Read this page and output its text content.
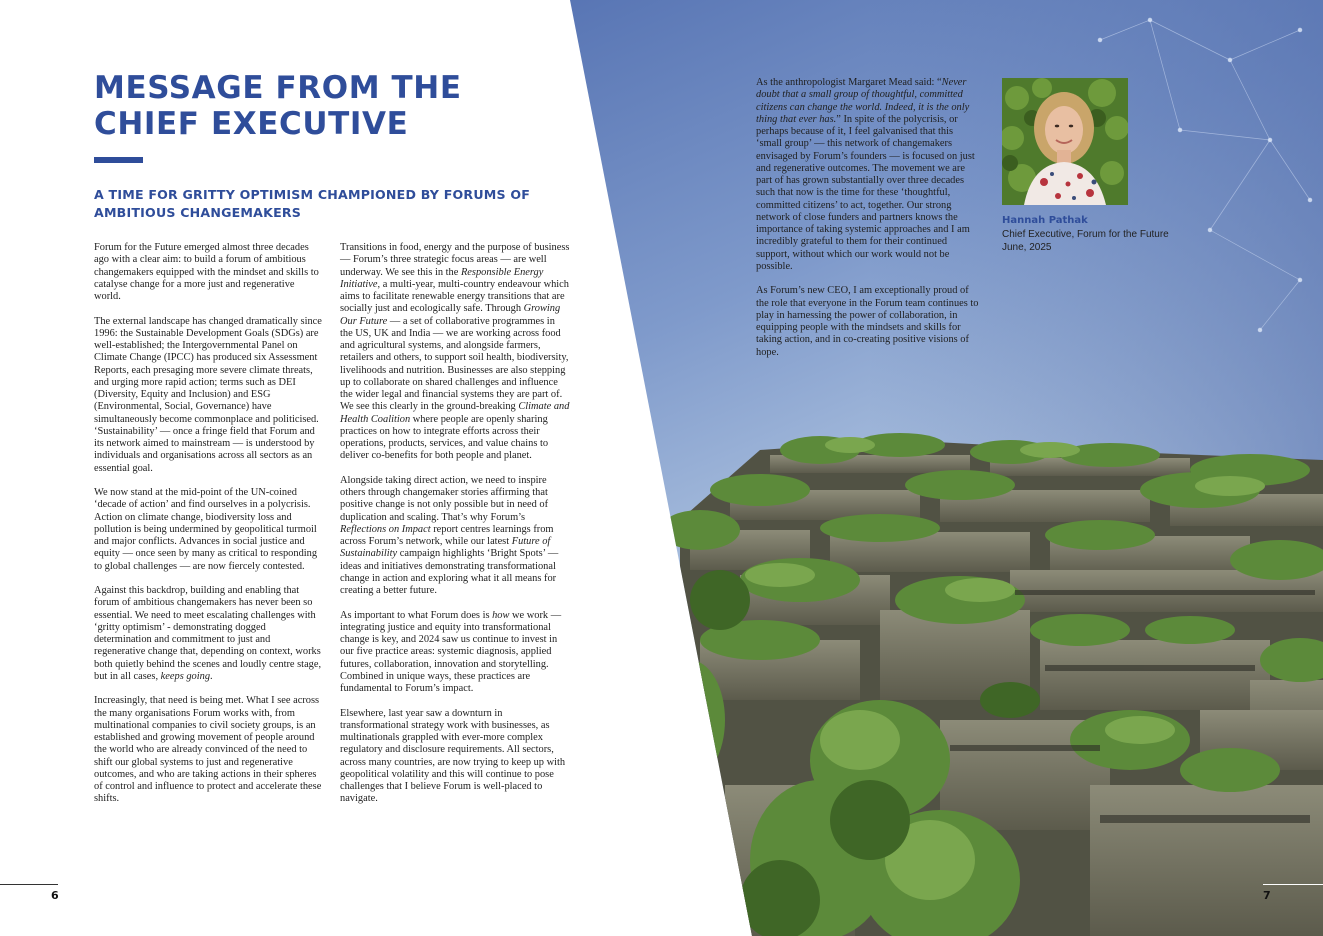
MESSAGE FROM THE CHIEF EXECUTIVE
A TIME FOR GRITTY OPTIMISM CHAMPIONED BY FORUMS OF AMBITIOUS CHANGEMAKERS

Forum for the Future emerged almost three decades ago with a clear aim: to build a forum of ambitious changemakers equipped with the mindset and skills to catalyse change for a more just and regenerative world.

The external landscape has changed dramatically since 1996: the Sustainable Development Goals (SDGs) are well-established; the Intergovernmental Panel on Climate Change (IPCC) has produced six Assessment Reports, each presaging more severe climate threats, and urging more rapid action; terms such as DEI (Diversity, Equity and Inclusion) and ESG (Environmental, Social, Governance) have simultaneously become commonplace and politicised. ‘Sustainability’ — once a fringe field that Forum and its network aimed to mainstream — is understood by individuals and organisations across all sectors as an essential goal.

We now stand at the mid-point of the UN-coined ‘decade of action’ and find ourselves in a polycrisis. Action on climate change, biodiversity loss and pollution is being undermined by geopolitical turmoil and major conflicts. Advances in social justice and equity — once seen by many as critical to responding to global challenges — are now fiercely contested.

Against this backdrop, building and enabling that forum of ambitious changemakers has never been so essential. We need to meet escalating challenges with ‘gritty optimism’ - demonstrating dogged determination and commitment to just and regenerative change that, depending on context, works both quietly behind the scenes and loudly centre stage, but in all cases, keeps going.

Increasingly, that need is being met. What I see across the many organisations Forum works with, from multinational companies to civil society groups, is an established and growing movement of people around the world who are already convinced of the need to shift our global systems to just and regenerative outcomes, and who are taking actions in their spheres of control and influence to protect and accelerate these shifts.

Transitions in food, energy and the purpose of business — Forum’s three strategic focus areas — are well underway. We see this in the Responsible Energy Initiative, a multi-year, multi-country endeavour which aims to facilitate renewable energy transitions that are socially just and ecologically safe. Through Growing Our Future — a set of collaborative programmes in the US, UK and India — we are working across food and agricultural systems, and alongside farmers, retailers and others, to support soil health, biodiversity, livelihoods and nutrition. Businesses are also stepping up to collaborate on shared challenges and influence the wider legal and financial systems they are part of. We see this clearly in the ground-breaking Climate and Health Coalition where people are openly sharing practices on how to integrate efforts across their operations, products, services, and value chains to deliver co-benefits for both people and planet.

Alongside taking direct action, we need to inspire others through changemaker stories affirming that positive change is not only possible but in need of duplication and scaling. That’s why Forum’s Reflections on Impact report centres learnings from across Forum’s network, while our latest Future of Sustainability campaign highlights ‘Bright Spots’ — ideas and initiatives demonstrating transformational change in action and exploring what it all means for creating a better future.

As important to what Forum does is how we work — integrating justice and equity into transformational change is key, and 2024 saw us continue to invest in our five practice areas: systemic diagnosis, applied futures, collaboration, innovation and storytelling. Combined in unique ways, these practices are fundamental to Forum’s impact.

Elsewhere, last year saw a downturn in transformational strategy work with businesses, as multinationals grappled with ever-more complex regulatory and disclosure requirements. All sectors, across many countries, are now trying to keep up with geopolitical volatility and this will continue to pose challenges that I believe Forum is well-placed to navigate.

As the anthropologist Margaret Mead said: “Never doubt that a small group of thoughtful, committed citizens can change the world. Indeed, it is the only thing that ever has.” In spite of the polycrisis, or perhaps because of it, I feel galvanised that this ‘small group’ — this network of changemakers envisaged by Forum’s founders — is focused on just and regenerative outcomes. The movement we are part of has grown substantially over three decades such that now is the time for these ‘thoughtful, committed citizens’ to act, together. Our strong network of close funders and partners knows the importance of taking systemic approaches and I am incredibly grateful to them for their continued support, without which our work would not be possible.

As Forum’s new CEO, I am exceptionally proud of the role that everyone in the Forum team continues to play in harnessing the power of collaboration, in equipping people with the mindsets and skills for taking action, and in co-creating positive visions of hope.

Hannah Pathak
Chief Executive, Forum for the Future
June, 2025
6	7
